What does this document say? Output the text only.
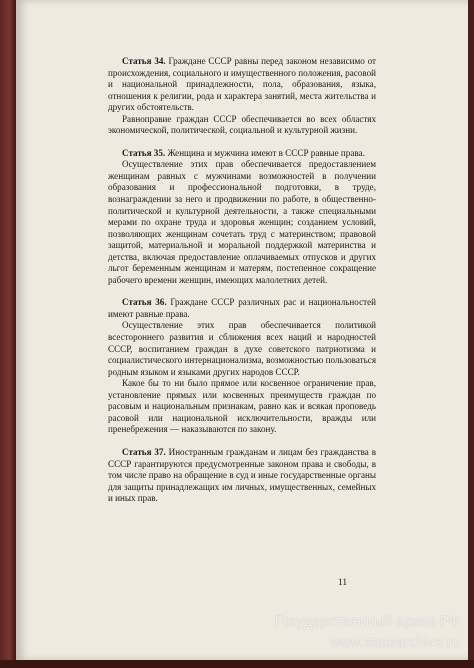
Статья 34. Граждане СССР равны перед законом независимо от происхождения, социального и имущественного положения, расовой и национальной принадлежности, пола, образования, языка, отношения к религии, рода и характера занятий, места жительства и других обстоятельств.

Равноправие граждан СССР обеспечивается во всех областях экономической, политической, социальной и культурной жизни.

Статья 35. Женщина и мужчина имеют в СССР равные права.

Осуществление этих прав обеспечивается предоставлением женщинам равных с мужчинами возможностей в получении образования и профессиональной подготовки, в труде, вознаграждении за него и продвижении по работе, в общественно-политической и культурной деятельности, а также специальными мерами по охране труда и здоровья женщин; созданием условий, позволяющих женщинам сочетать труд с материнством; правовой защитой, материальной и моральной поддержкой материнства и детства, включая предоставление оплачиваемых отпусков и других льгот беременным женщинам и матерям, постепенное сокращение рабочего времени женщин, имеющих малолетних детей.

Статья 36. Граждане СССР различных рас и национальностей имеют равные права.

Осуществление этих прав обеспечивается политикой всестороннего развития и сближения всех наций и народностей СССР, воспитанием граждан в духе советского патриотизма и социалистического интернационализма, возможностью пользоваться родным языком и языками других народов СССР.

Какое бы то ни было прямое или косвенное ограничение прав, установление прямых или косвенных преимуществ граждан по расовым и национальным признакам, равно как и всякая проповедь расовой или национальной исключительности, вражды или пренебрежения — наказываются по закону.

Статья 37. Иностранным гражданам и лицам без гражданства в СССР гарантируются предусмотренные законом права и свободы, в том числе право на обращение в суд и иные государственные органы для защиты принадлежащих им личных, имущественных, семейных и иных прав.

11
Государственный архив РФ
www.statearchive.ru
